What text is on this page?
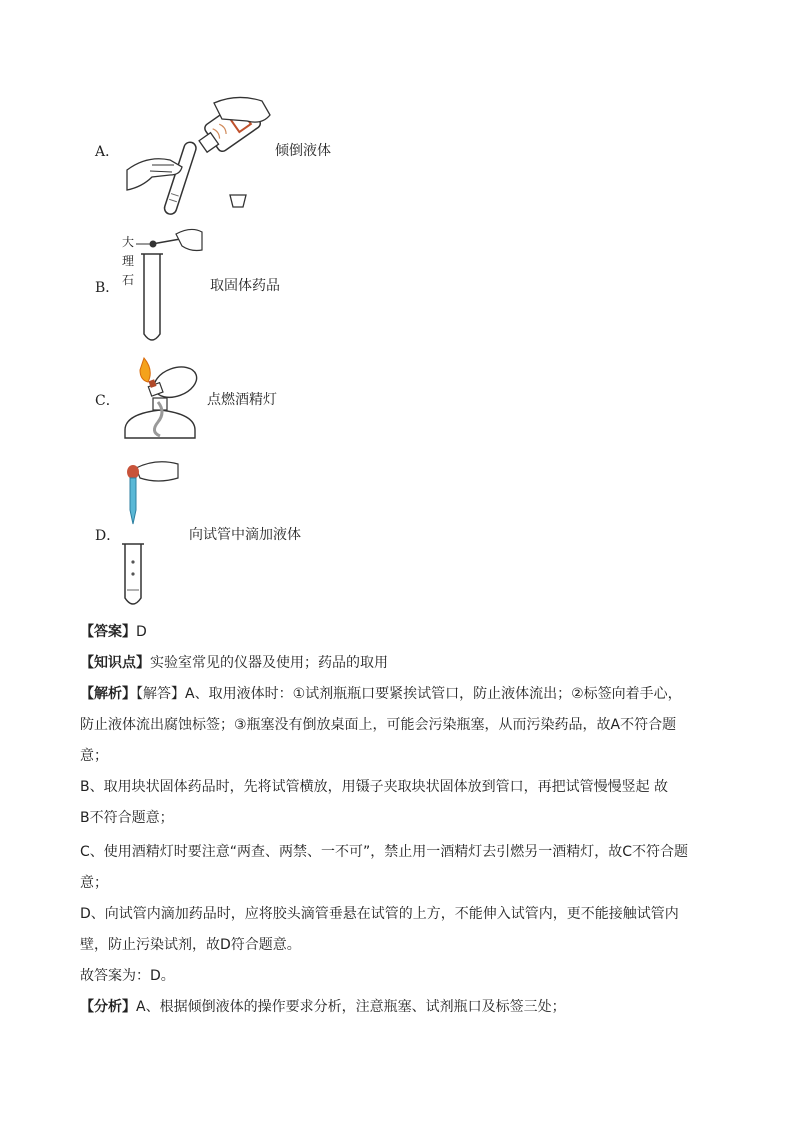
A．	倾倒液体
B．
大
理
石	取固体药品
C．	点燃酒精灯
D．	向试管中滴加液体
【答案】D
【知识点】实验室常见的仪器及使用；药品的取用
【解析】【解答】A、取用液体时：①试剂瓶瓶口要紧挨试管口，防止液体流出；②标签向着手心，
防止液体流出腐蚀标签；③瓶塞没有倒放桌面上，可能会污染瓶塞，从而污染药品，故A不符合题
意；
B、取用块状固体药品时，先将试管横放，用镊子夹取块状固体放到管口，再把试管慢慢竖起 故
B不符合题意；
C、使用酒精灯时要注意“两查、两禁、一不可”，禁止用一酒精灯去引燃另一酒精灯，故C不符合题
意；
D、向试管内滴加药品时，应将胶头滴管垂悬在试管的上方，不能伸入试管内，更不能接触试管内
壁，防止污染试剂，故D符合题意。
故答案为：D。
【分析】A、根据倾倒液体的操作要求分析，注意瓶塞、试剂瓶口及标签三处；
